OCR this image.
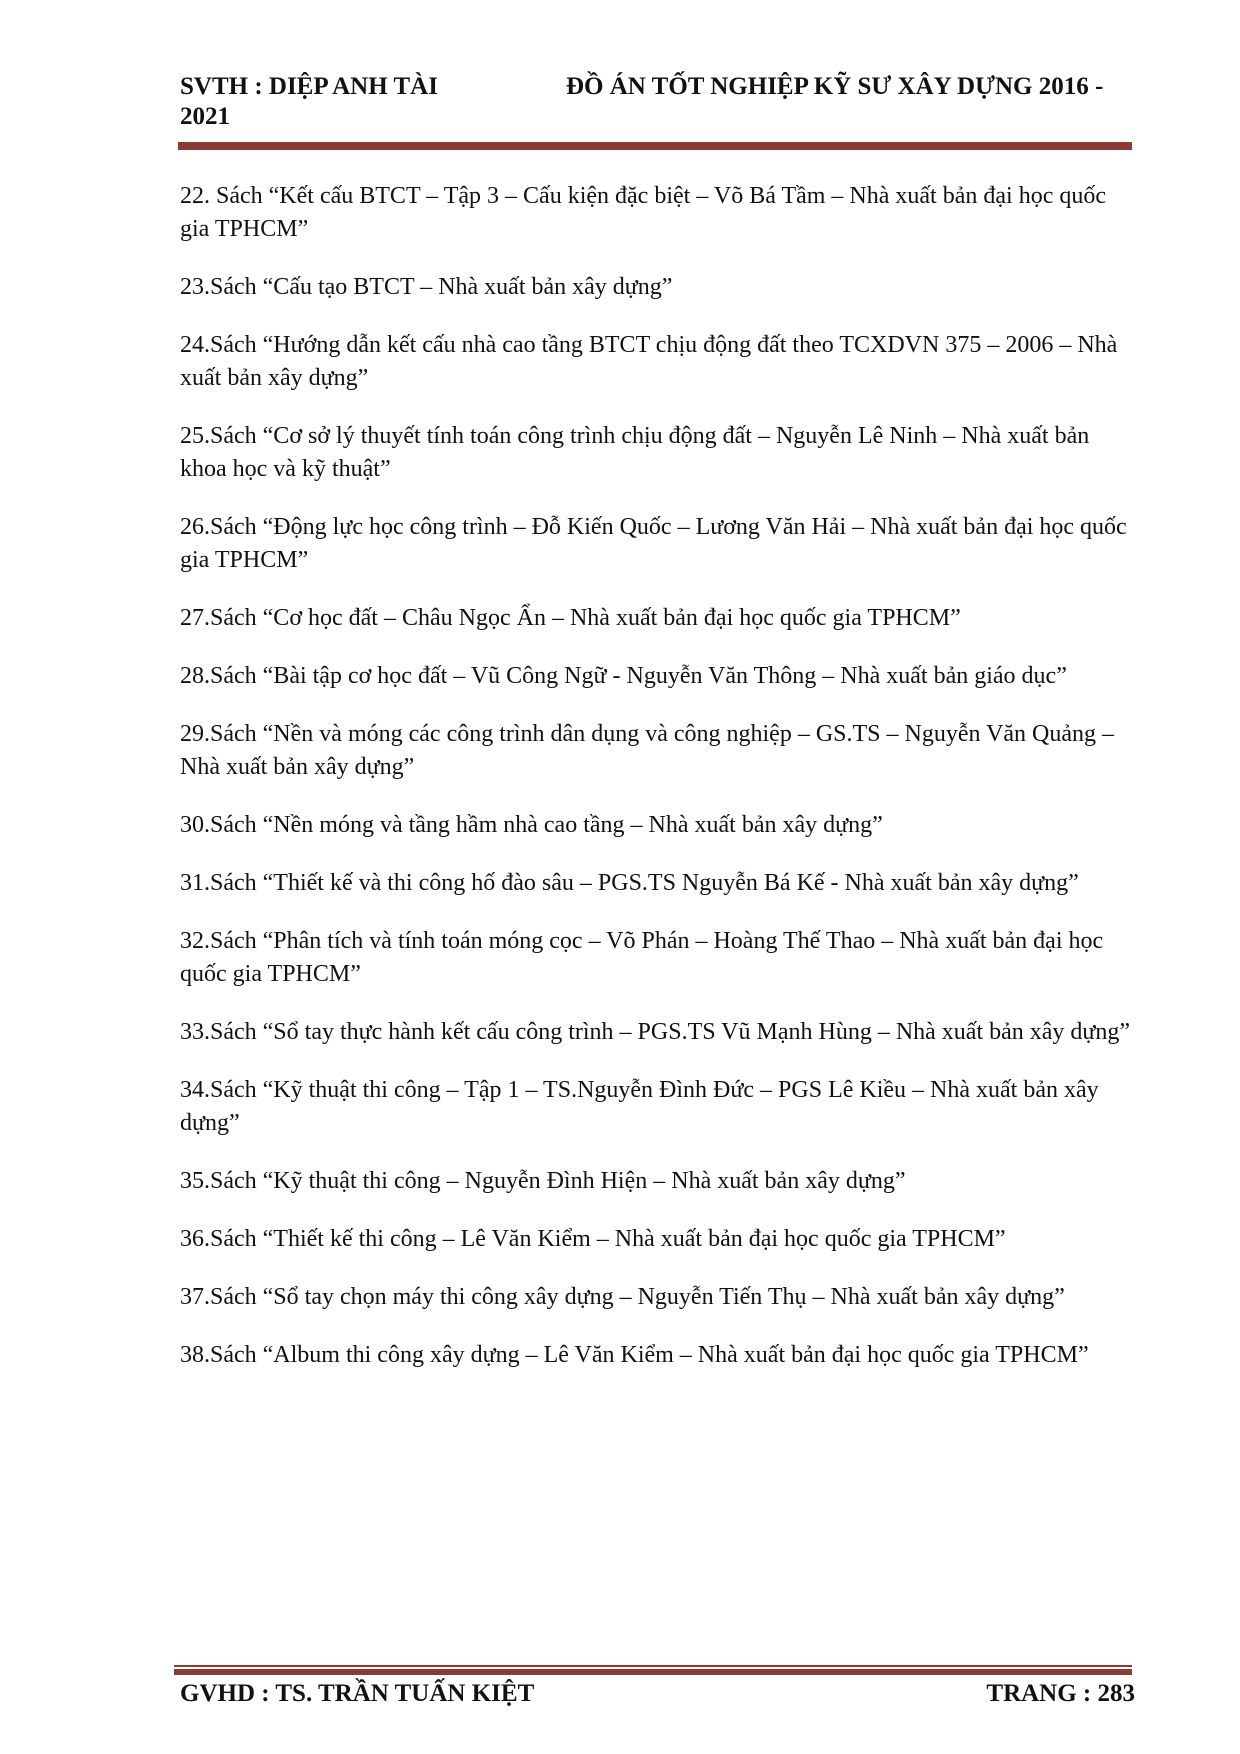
SVTH : DIỆP ANH TÀI	ĐỒ ÁN TỐT NGHIỆP KỸ SƯ XÂY DỰNG 2016 -
2021

22. Sách “Kết cấu BTCT – Tập 3 – Cấu kiện đặc biệt – Võ Bá Tầm – Nhà xuất bản đại học quốc gia TPHCM”

23.Sách “Cấu tạo BTCT – Nhà xuất bản xây dựng”

24.Sách “Hướng dẫn kết cấu nhà cao tầng BTCT chịu động đất theo TCXDVN 375 – 2006 – Nhà xuất bản xây dựng”

25.Sách “Cơ sở lý thuyết tính toán công trình chịu động đất – Nguyễn Lê Ninh – Nhà xuất bản khoa học và kỹ thuật”

26.Sách “Động lực học công trình – Đỗ Kiến Quốc – Lương Văn Hải – Nhà xuất bản đại học quốc gia TPHCM”

27.Sách “Cơ học đất – Châu Ngọc Ẩn – Nhà xuất bản đại học quốc gia TPHCM”

28.Sách “Bài tập cơ học đất – Vũ Công Ngữ - Nguyễn Văn Thông – Nhà xuất bản giáo dục”

29.Sách “Nền và móng các công trình dân dụng và công nghiệp – GS.TS – Nguyễn Văn Quảng – Nhà xuất bản xây dựng”

30.Sách “Nền móng và tầng hầm nhà cao tầng – Nhà xuất bản xây dựng”

31.Sách “Thiết kế và thi công hố đào sâu – PGS.TS Nguyễn Bá Kế - Nhà xuất bản xây dựng”

32.Sách “Phân tích và tính toán móng cọc – Võ Phán – Hoàng Thế Thao – Nhà xuất bản đại học quốc gia TPHCM”

33.Sách “Sổ tay thực hành kết cấu công trình – PGS.TS Vũ Mạnh Hùng – Nhà xuất bản xây dựng”

34.Sách “Kỹ thuật thi công – Tập 1 – TS.Nguyễn Đình Đức – PGS Lê Kiều – Nhà xuất bản xây dựng”

35.Sách “Kỹ thuật thi công – Nguyễn Đình Hiện – Nhà xuất bản xây dựng”

36.Sách “Thiết kế thi công – Lê Văn Kiểm – Nhà xuất bản đại học quốc gia TPHCM”

37.Sách “Sổ tay chọn máy thi công xây dựng – Nguyễn Tiến Thụ – Nhà xuất bản xây dựng”

38.Sách “Album thi công xây dựng – Lê Văn Kiểm – Nhà xuất bản đại học quốc gia TPHCM”

GVHD : TS. TRẦN TUẤN KIỆT	TRANG : 283
